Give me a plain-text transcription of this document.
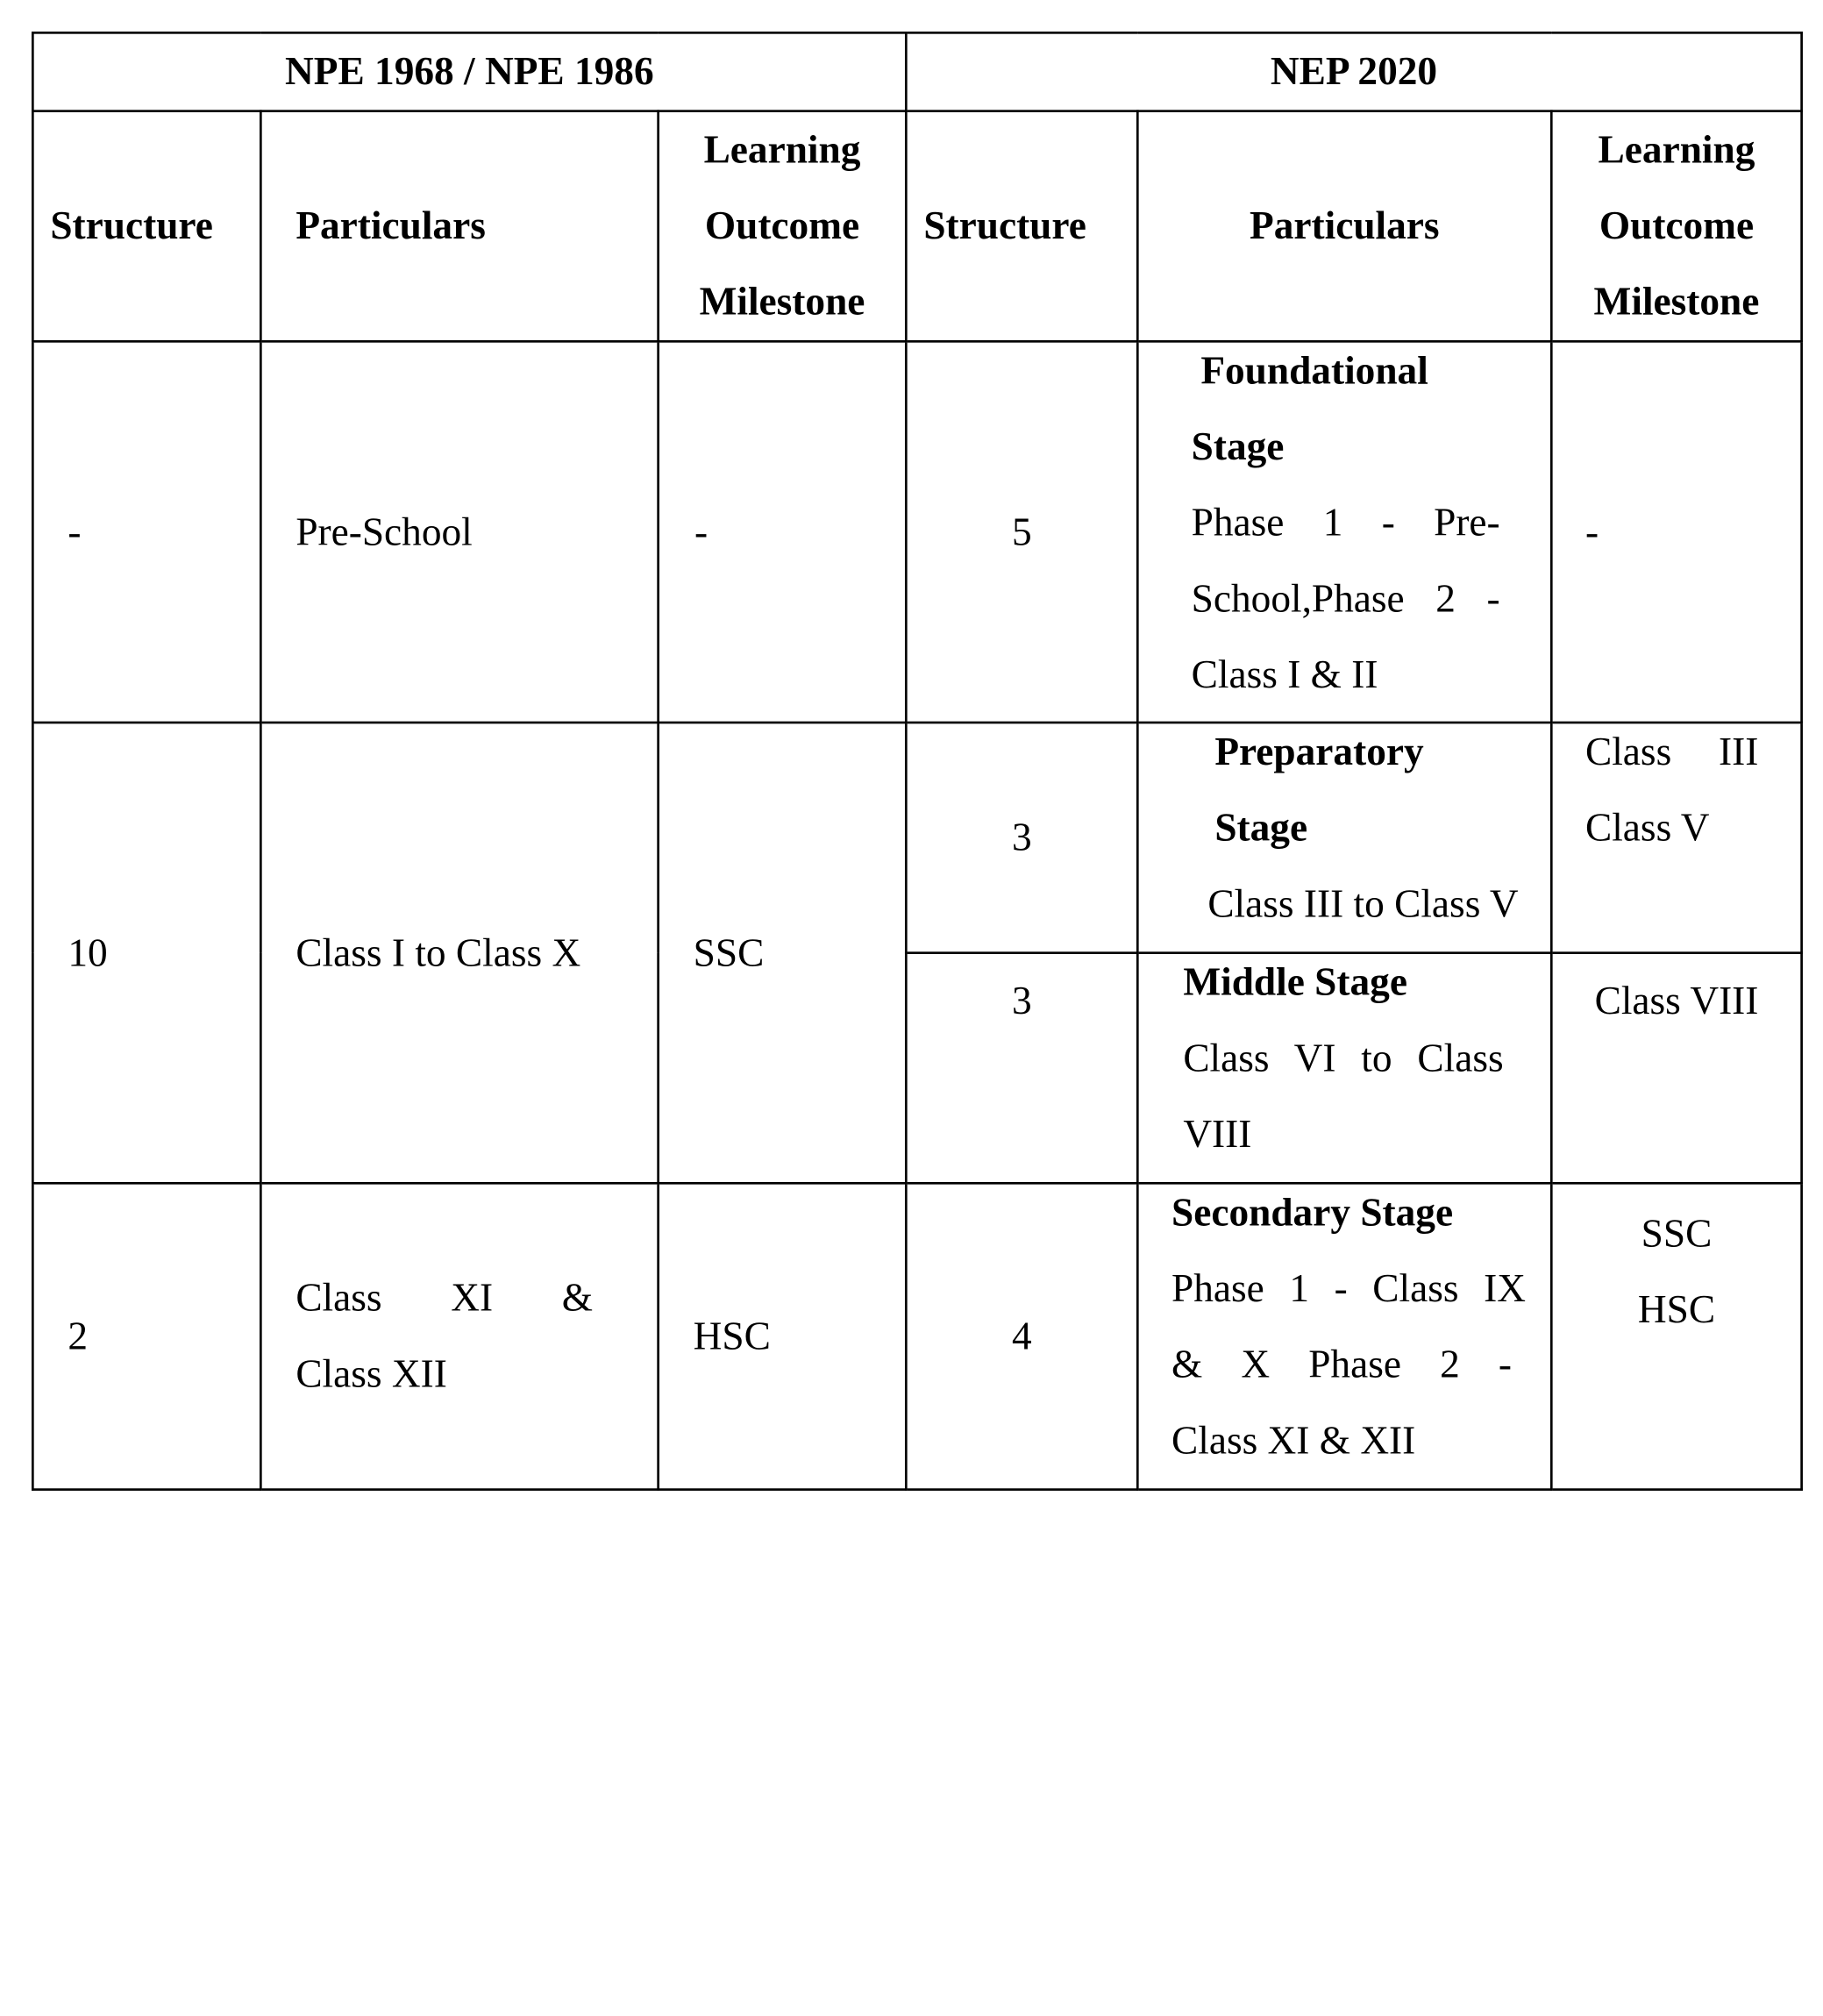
NPE 1968 / NPE 1986			NEP 2020		
Structure	Particulars	Learning
Outcome
Milestone	Structure	Particulars	Learning
Outcome
Milestone

-	Pre-School	-	5	Foundational
Stage
Phase 1 - Pre-
School,Phase 2 -
Class I & II	-
10	Class I to Class X	SSC	3	Preparatory
Stage
Class III to Class V	Class III
Class V

			3	Middle Stage
Class VI to Class
VIII	Class VIII
2	Class XI &
Class XII	HSC	4	Secondary Stage
Phase 1 - Class IX
& X Phase 2 -
Class XI & XII	SSC
HSC
